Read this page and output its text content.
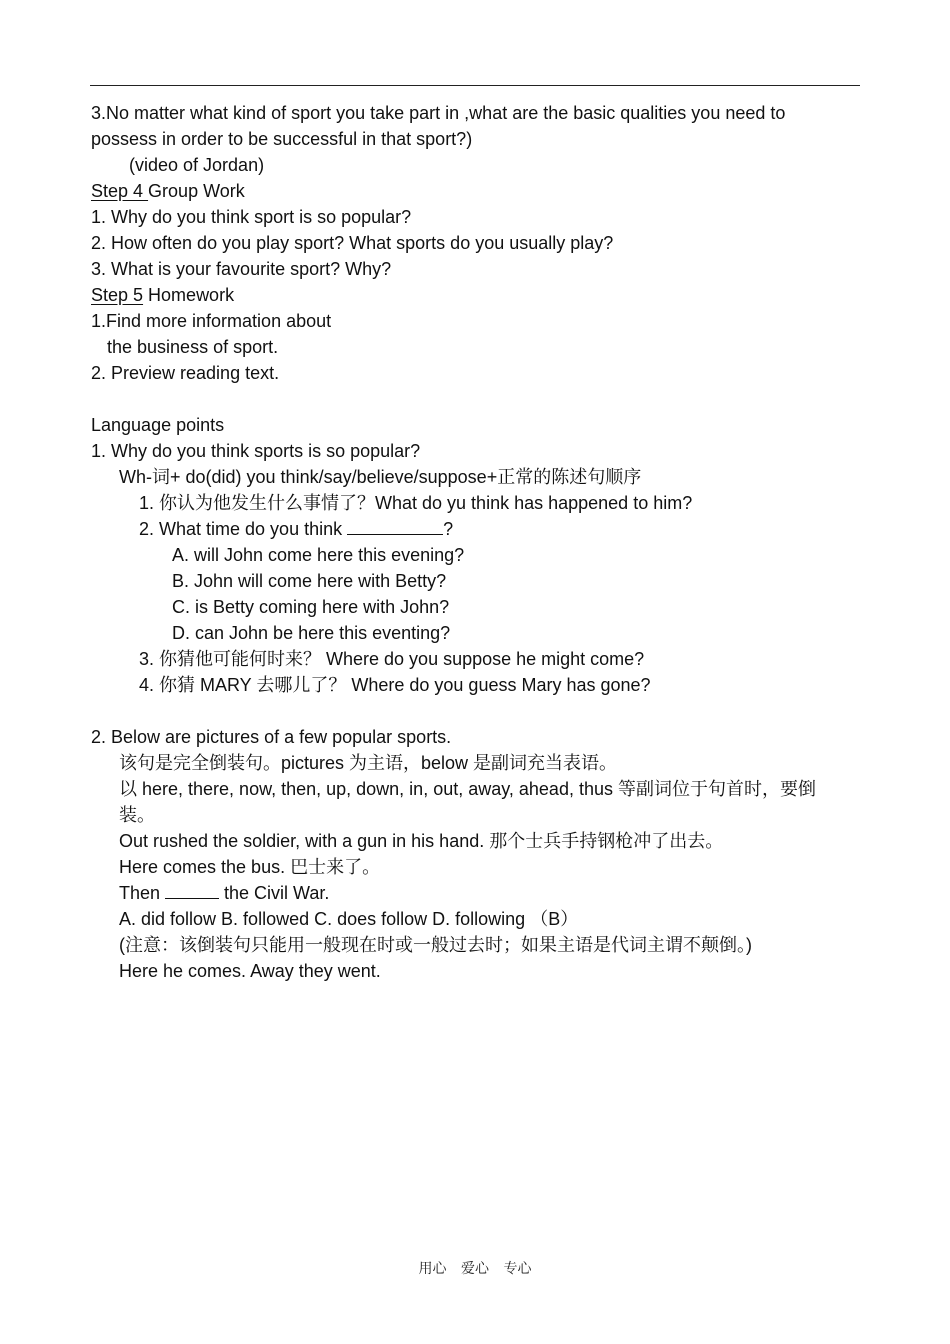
3.No matter what kind of sport you take part in ,what are the basic qualities you need to
possess in order to be successful in that sport?)
(video of Jordan)
Step 4 Group Work
1. Why do you think sport is so popular?
2. How often do you play sport? What sports do you usually play?
3. What is your favourite sport? Why?
Step 5 Homework
1.Find more information about
the business of sport.
2. Preview reading text.
Language points
1. Why do you think sports is so popular?
Wh-词+ do(did) you think/say/believe/suppose+正常的陈述句顺序
1. 你认为他发生什么事情了？What do yu think has happened to him?
2. What time do you think	?
A. will John come here this evening?
B. John will come here with Betty?
C. is Betty coming here with John?
D. can John be here this eventing?
3. 你猜他可能何时来？ Where do you suppose he might come?
4. 你猜 MARY 去哪儿了？ Where do you guess Mary has gone?
2. Below are pictures of a few popular sports.
该句是完全倒装句。pictures 为主语，below 是副词充当表语。
以 here, there, now, then, up, down, in, out, away, ahead, thus 等副词位于句首时，要倒
装。
Out rushed the soldier, with a gun in his hand. 那个士兵手持钢枪冲了出去。
Here comes the bus. 巴士来了。
Then	the Civil War.
A. did follow B. followed C. does follow D. following （B）
(注意：该倒装句只能用一般现在时或一般过去时；如果主语是代词主谓不颠倒。)
Here he comes. Away they went.
用心 爱心 专心
